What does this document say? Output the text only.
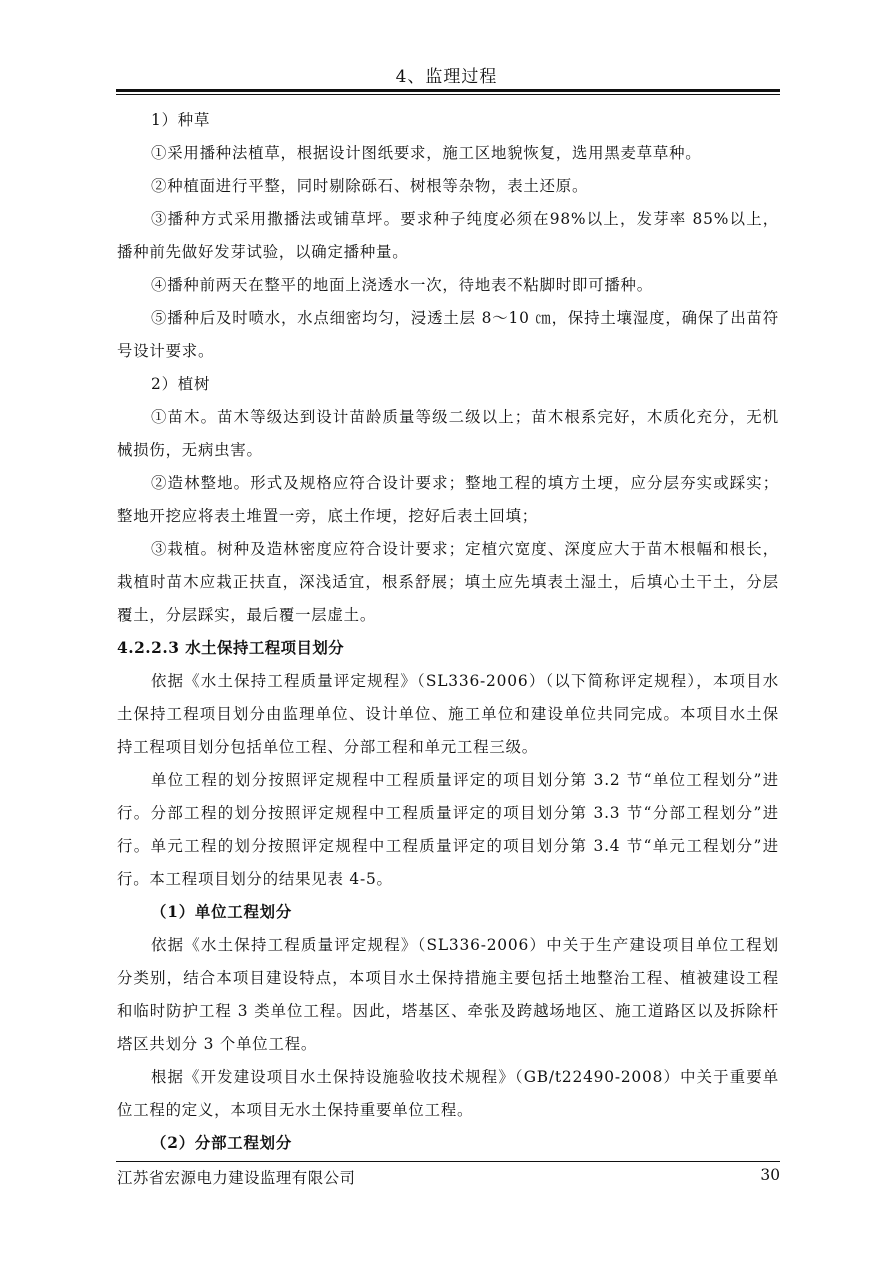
4、监理过程

1）种草

①采用播种法植草，根据设计图纸要求，施工区地貌恢复，选用黑麦草草种。

②种植面进行平整，同时剔除砾石、树根等杂物，表土还原。

③播种方式采用撒播法或铺草坪。要求种子纯度必须在98%以上，发芽率 85%以上，播种前先做好发芽试验，以确定播种量。

④播种前两天在整平的地面上浇透水一次，待地表不粘脚时即可播种。

⑤播种后及时喷水，水点细密均匀，浸透土层 8～10 ㎝，保持土壤湿度，确保了出苗符号设计要求。

2）植树

①苗木。苗木等级达到设计苗龄质量等级二级以上；苗木根系完好，木质化充分，无机械损伤，无病虫害。

②造林整地。形式及规格应符合设计要求；整地工程的填方土埂，应分层夯实或踩实；整地开挖应将表土堆置一旁，底土作埂，挖好后表土回填；

③栽植。树种及造林密度应符合设计要求；定植穴宽度、深度应大于苗木根幅和根长，栽植时苗木应栽正扶直，深浅适宜，根系舒展；填土应先填表土湿土，后填心土干土，分层覆土，分层踩实，最后覆一层虚土。

4.2.2.3 水土保持工程项目划分

依据《水土保持工程质量评定规程》（SL336-2006）（以下简称评定规程），本项目水土保持工程项目划分由监理单位、设计单位、施工单位和建设单位共同完成。本项目水土保持工程项目划分包括单位工程、分部工程和单元工程三级。

单位工程的划分按照评定规程中工程质量评定的项目划分第 3.2 节“单位工程划分”进行。分部工程的划分按照评定规程中工程质量评定的项目划分第 3.3 节“分部工程划分”进行。单元工程的划分按照评定规程中工程质量评定的项目划分第 3.4 节“单元工程划分”进行。本工程项目划分的结果见表 4-5。

（1）单位工程划分

依据《水土保持工程质量评定规程》（SL336-2006）中关于生产建设项目单位工程划分类别，结合本项目建设特点，本项目水土保持措施主要包括土地整治工程、植被建设工程和临时防护工程 3 类单位工程。因此，塔基区、牵张及跨越场地区、施工道路区以及拆除杆塔区共划分 3 个单位工程。

根据《开发建设项目水土保持设施验收技术规程》（GB/t22490-2008）中关于重要单位工程的定义，本项目无水土保持重要单位工程。

（2）分部工程划分

江苏省宏源电力建设监理有限公司	30
